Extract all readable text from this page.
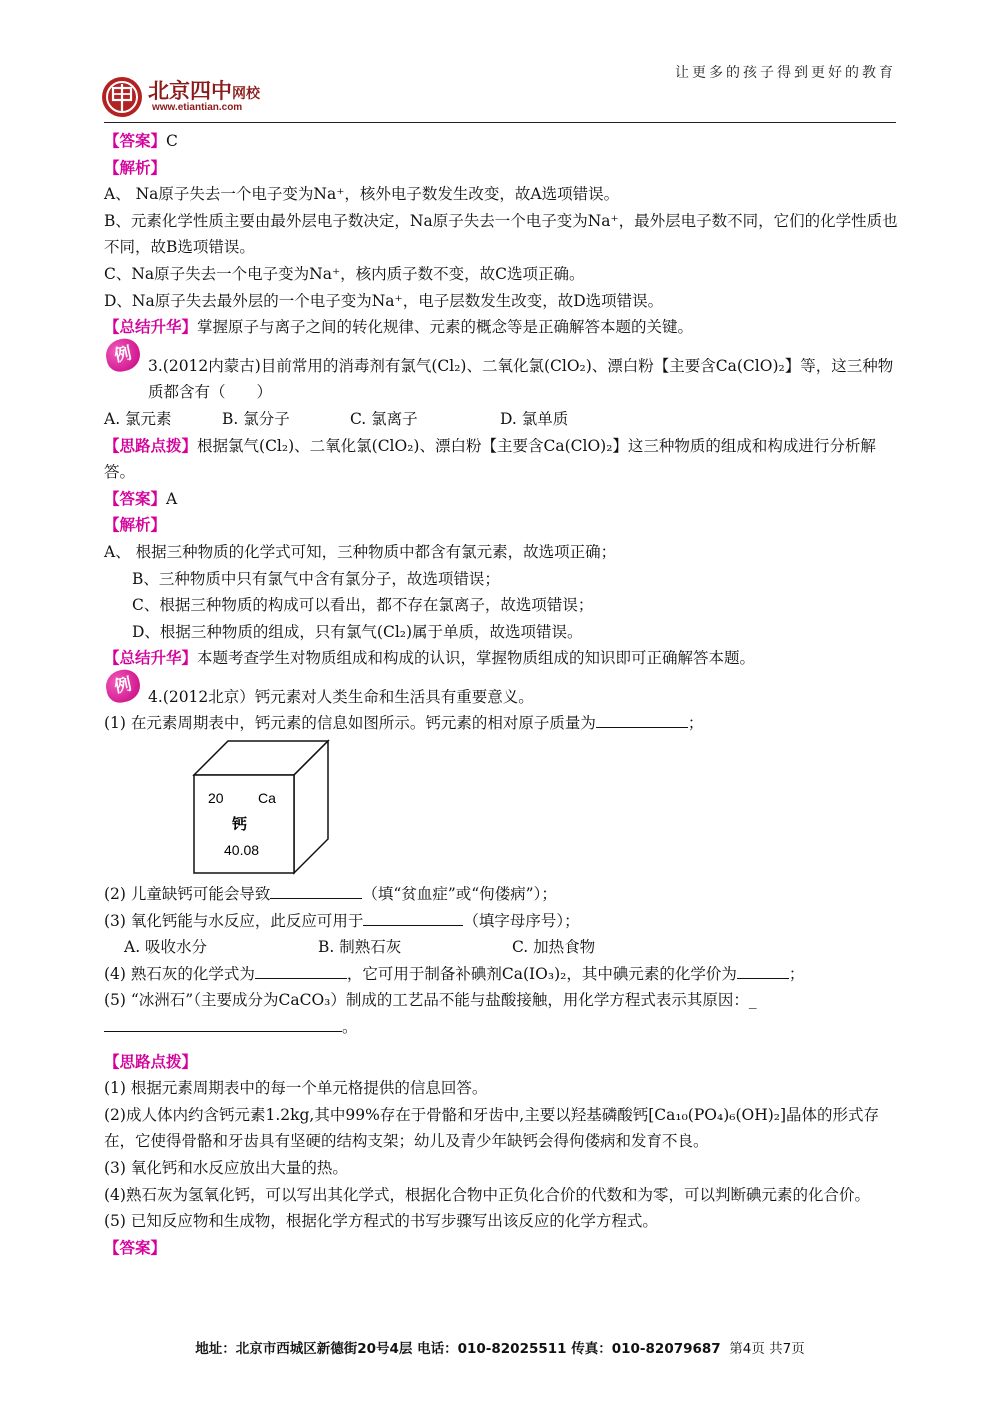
让更多的孩子得到更好的教育
北京四中网校
www.etiantian.com
【答案】C
【解析】
A、 Na原子失去一个电子变为Na⁺，核外电子数发生改变，故A选项错误。
B、元素化学性质主要由最外层电子数决定，Na原子失去一个电子变为Na⁺，最外层电子数不同，它们的化学性质也不同，故B选项错误。
C、Na原子失去一个电子变为Na⁺，核内质子数不变，故C选项正确。
D、Na原子失去最外层的一个电子变为Na⁺，电子层数发生改变，故D选项错误。
【总结升华】掌握原子与离子之间的转化规律、元素的概念等是正确解答本题的关键。
例 3.(2012内蒙古)目前常用的消毒剂有氯气(Cl₂)、二氧化氯(ClO₂)、漂白粉【主要含Ca(ClO)₂】等，这三种物质都含有（　　）
A. 氯元素	B. 氯分子	C. 氯离子	D. 氯单质
【思路点拨】根据氯气(Cl₂)、二氧化氯(ClO₂)、漂白粉【主要含Ca(ClO)₂】这三种物质的组成和构成进行分析解答。
【答案】A
【解析】
A、 根据三种物质的化学式可知，三种物质中都含有氯元素，故选项正确；
B、三种物质中只有氯气中含有氯分子，故选项错误；
C、根据三种物质的构成可以看出，都不存在氯离子，故选项错误；
D、根据三种物质的组成，只有氯气(Cl₂)属于单质，故选项错误。
【总结升华】本题考查学生对物质组成和构成的认识，掌握物质组成的知识即可正确解答本题。
例 4.(2012北京）钙元素对人类生命和生活具有重要意义。
(1) 在元素周期表中，钙元素的信息如图所示。钙元素的相对原子质量为	；
20 Ca
钙
40.08
(2) 儿童缺钙可能会导致	（填“贫血症”或“佝偻病”）；
(3) 氧化钙能与水反应，此反应可用于	（填字母序号）；
A. 吸收水分	B. 制熟石灰	C. 加热食物
(4) 熟石灰的化学式为	，它可用于制备补碘剂Ca(IO₃)₂，其中碘元素的化学价为	；
(5) “冰洲石”（主要成分为CaCO₃）制成的工艺品不能与盐酸接触，用化学方程式表示其原因：_
。
【思路点拨】
(1) 根据元素周期表中的每一个单元格提供的信息回答。
(2)成人体内约含钙元素1.2kg,其中99%存在于骨骼和牙齿中,主要以羟基磷酸钙[Ca₁₀(PO₄)₆(OH)₂]晶体的形式存在，它使得骨骼和牙齿具有坚硬的结构支架；幼儿及青少年缺钙会得佝偻病和发育不良。
(3) 氧化钙和水反应放出大量的热。
(4)熟石灰为氢氧化钙，可以写出其化学式，根据化合物中正负化合价的代数和为零，可以判断碘元素的化合价。
(5) 已知反应物和生成物，根据化学方程式的书写步骤写出该反应的化学方程式。
【答案】
地址：北京市西城区新德街20号4层 电话：010-82025511 传真：010-82079687 第4页 共7页
